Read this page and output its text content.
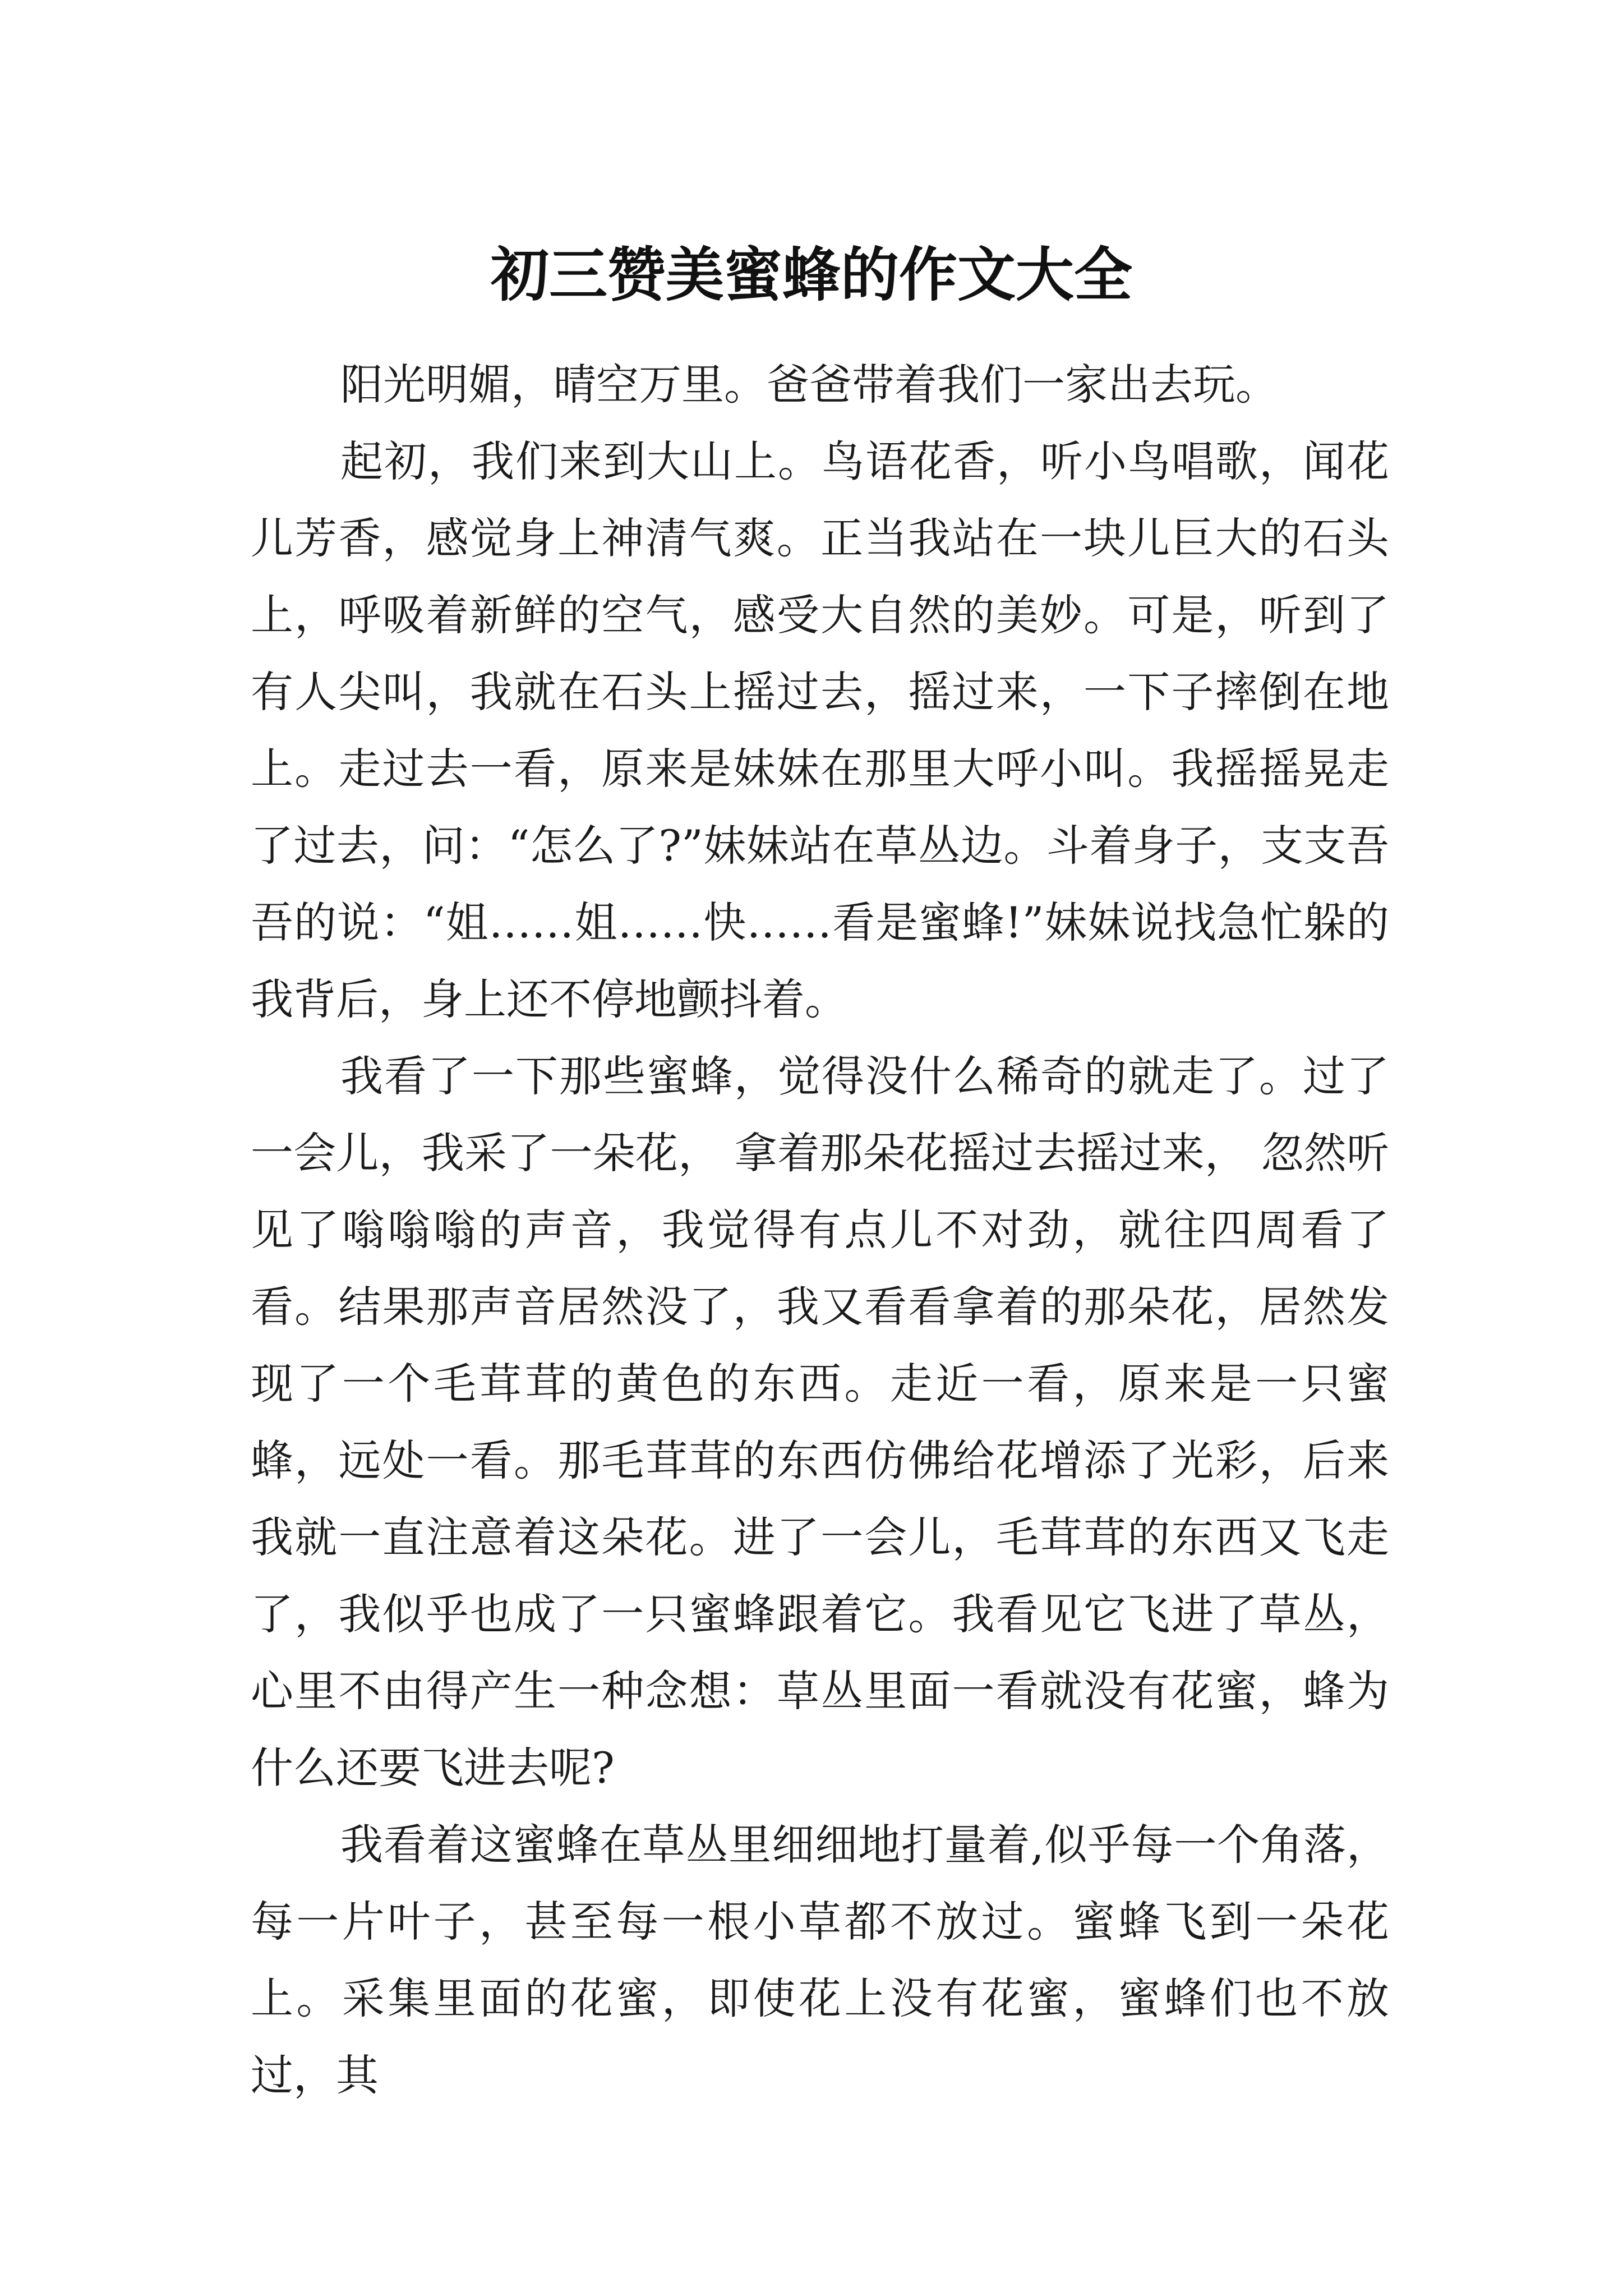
初三赞美蜜蜂的作文大全

阳光明媚，晴空万里。爸爸带着我们一家出去玩。

起初，我们来到大山上。鸟语花香，听小鸟唱歌，闻花儿芳香，感觉身上神清气爽。正当我站在一块儿巨大的石头上，呼吸着新鲜的空气，感受大自然的美妙。可是，听到了有人尖叫，我就在石头上摇过去，摇过来，一下子摔倒在地上。走过去一看，原来是妹妹在那里大呼小叫。我摇摇晃走了过去，问：“怎么了?”妹妹站在草丛边。斗着身子，支支吾吾的说：“姐……姐……快……看是蜜蜂!”妹妹说找急忙躲的我背后，身上还不停地颤抖着。

我看了一下那些蜜蜂，觉得没什么稀奇的就走了。过了一会儿，我采了一朵花， 拿着那朵花摇过去摇过来， 忽然听见了嗡嗡嗡的声音，我觉得有点儿不对劲，就往四周看了看。结果那声音居然没了，我又看看拿着的那朵花，居然发现了一个毛茸茸的黄色的东西。走近一看，原来是一只蜜蜂，远处一看。那毛茸茸的东西仿佛给花增添了光彩，后来我就一直注意着这朵花。进了一会儿，毛茸茸的东西又飞走了，我似乎也成了一只蜜蜂跟着它。我看见它飞进了草丛，心里不由得产生一种念想：草丛里面一看就没有花蜜，蜂为什么还要飞进去呢?

我看着这蜜蜂在草丛里细细地打量着,似乎每一个角落，每一片叶子，甚至每一根小草都不放过。蜜蜂飞到一朵花上。采集里面的花蜜，即使花上没有花蜜，蜜蜂们也不放过，其
